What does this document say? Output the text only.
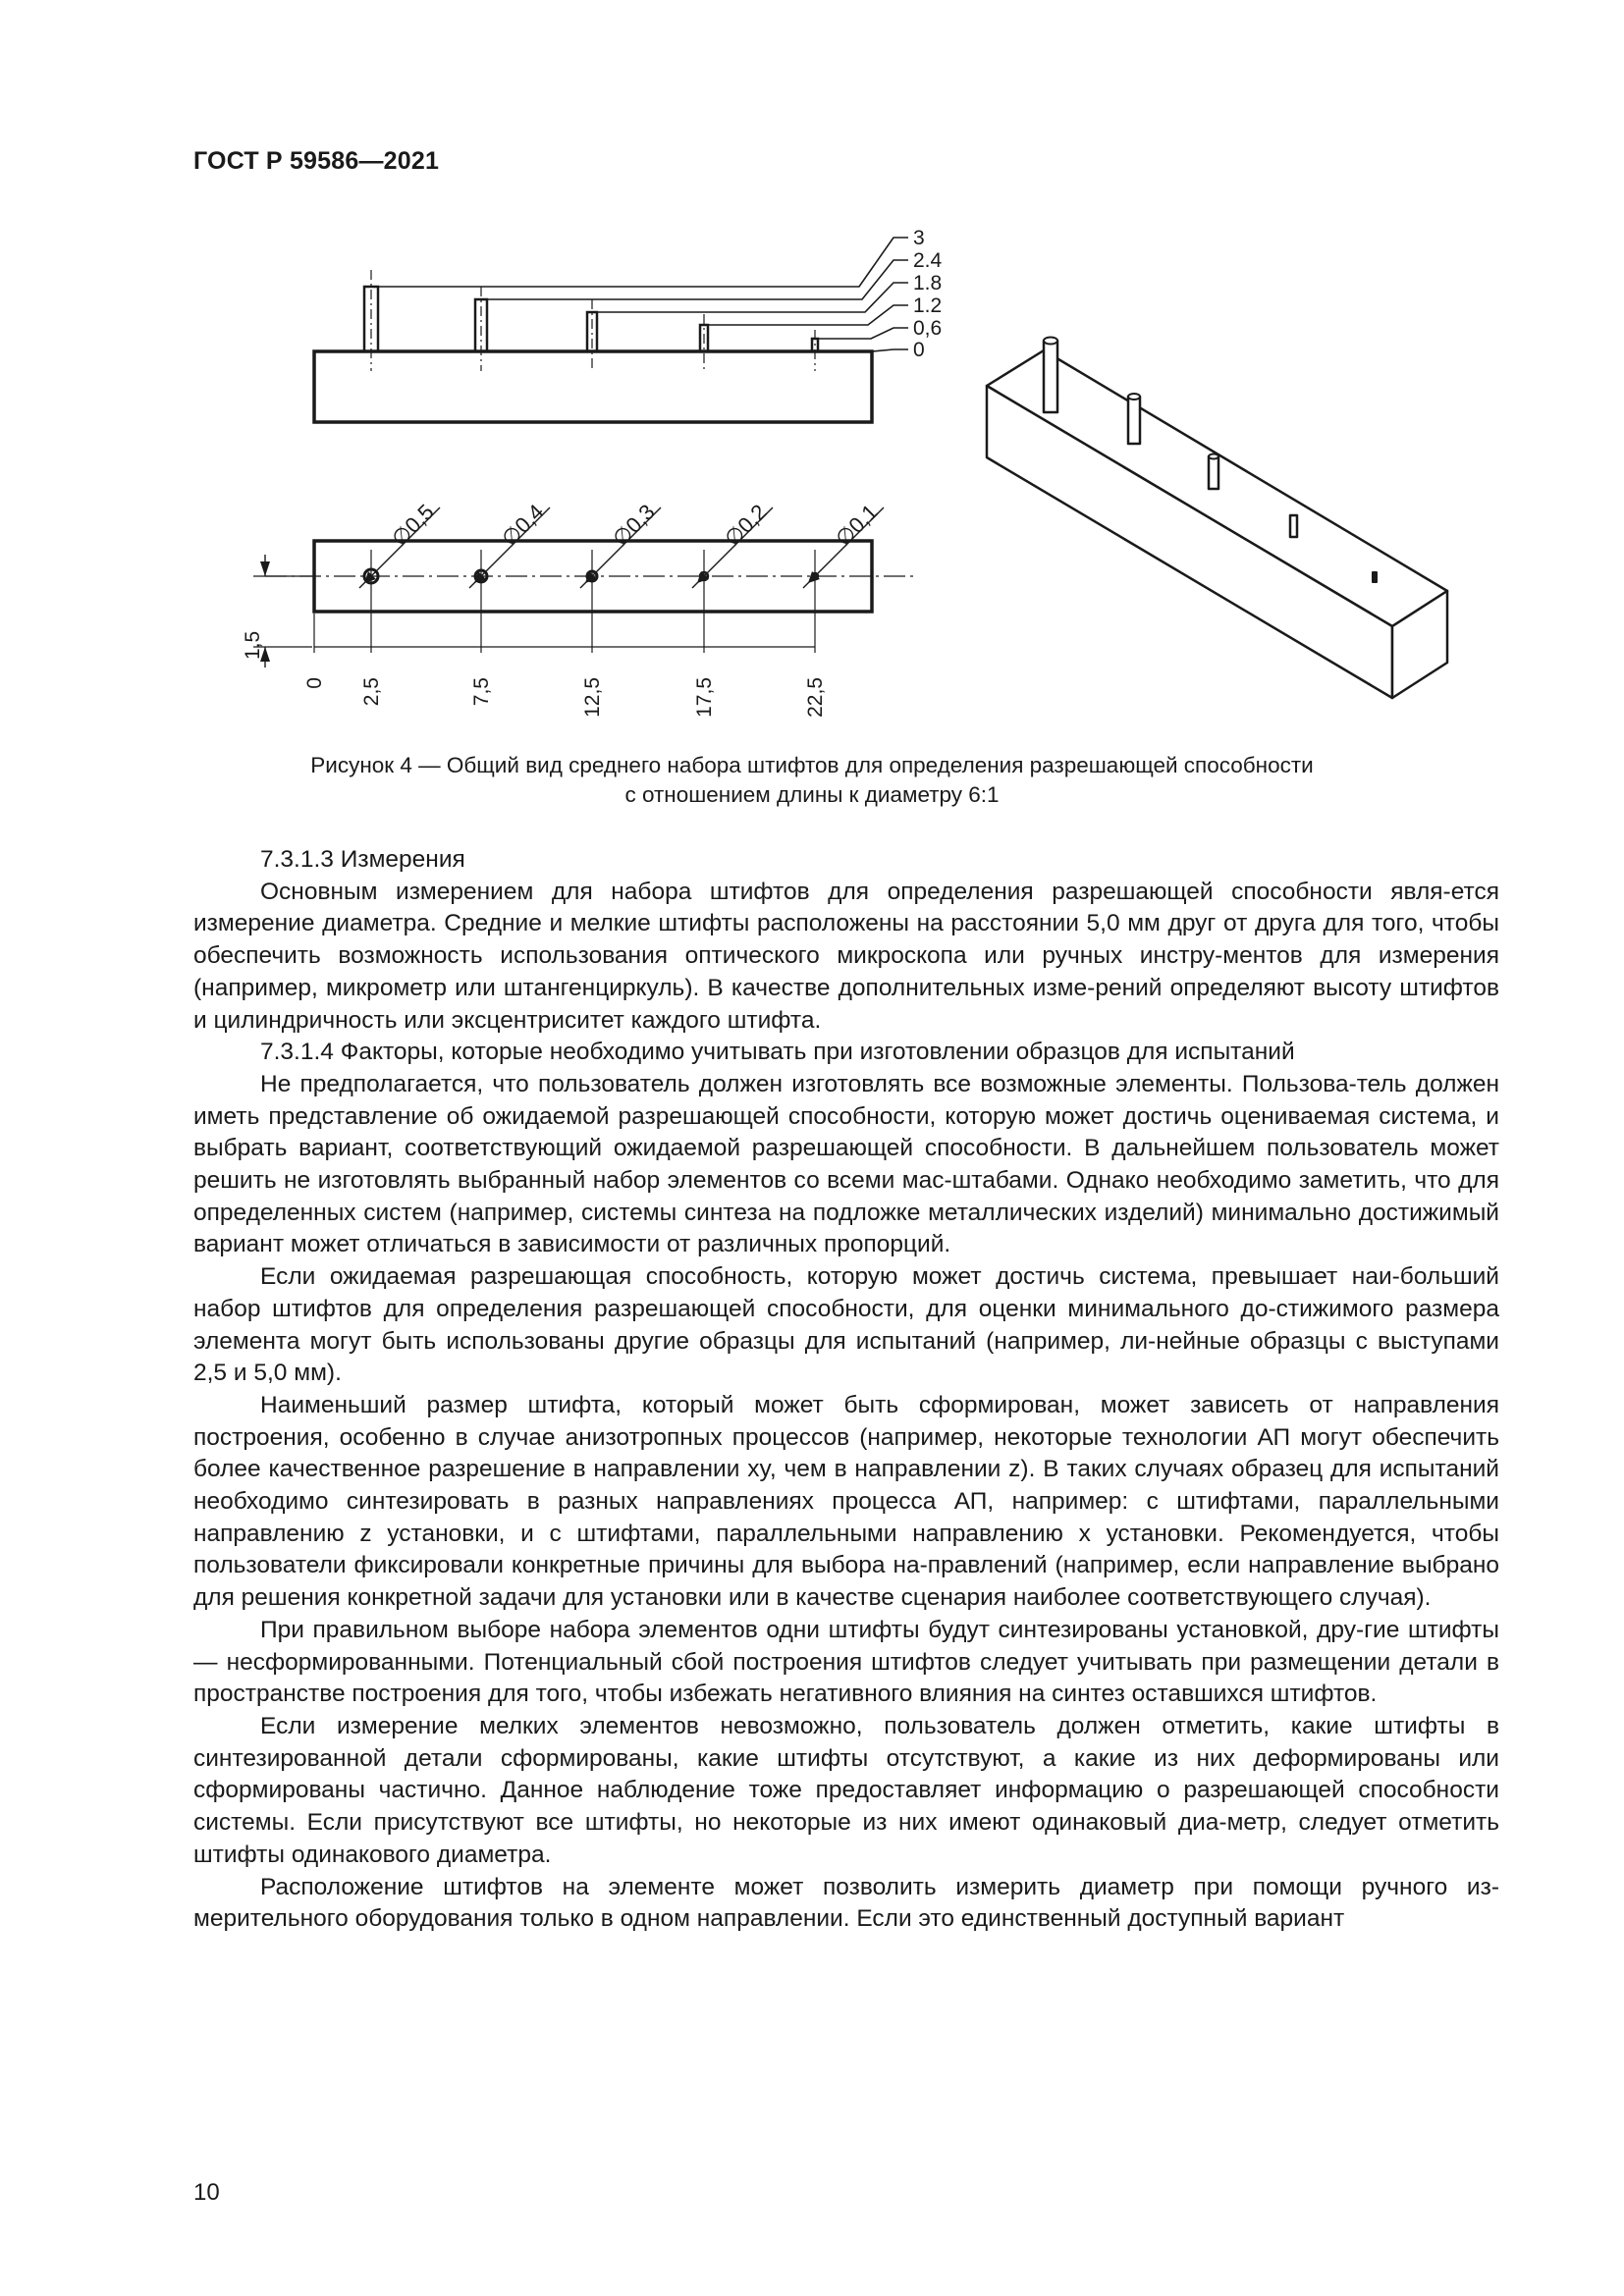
ГОСТ Р 59586—2021
3
2.4
1.8
1.2
0,6
0
∅0,5	∅0,4	∅0,3	∅0,2	∅0,1
0 2,5	7,5	12,5	17,5	22,5
1,5
Рисунок 4 — Общий вид среднего набора штифтов для определения разрешающей способности
с отношением длины к диаметру 6:1

7.3.1.3 Измерения

Основным измерением для набора штифтов для определения разрешающей способности явля-ется измерение диаметра. Средние и мелкие штифты расположены на расстоянии 5,0 мм друг от друга для того, чтобы обеспечить возможность использования оптического микроскопа или ручных инстру-ментов для измерения (например, микрометр или штангенциркуль). В качестве дополнительных изме-рений определяют высоту штифтов и цилиндричность или эксцентриситет каждого штифта.

7.3.1.4 Факторы, которые необходимо учитывать при изготовлении образцов для испытаний

Не предполагается, что пользователь должен изготовлять все возможные элементы. Пользова-тель должен иметь представление об ожидаемой разрешающей способности, которую может достичь оцениваемая система, и выбрать вариант, соответствующий ожидаемой разрешающей способности. В дальнейшем пользователь может решить не изготовлять выбранный набор элементов со всеми мас-штабами. Однако необходимо заметить, что для определенных систем (например, системы синтеза на подложке металлических изделий) минимально достижимый вариант может отличаться в зависимости от различных пропорций.

Если ожидаемая разрешающая способность, которую может достичь система, превышает наи-больший набор штифтов для определения разрешающей способности, для оценки минимального до-стижимого размера элемента могут быть использованы другие образцы для испытаний (например, ли-нейные образцы с выступами 2,5 и 5,0 мм).

Наименьший размер штифта, который может быть сформирован, может зависеть от направления построения, особенно в случае анизотропных процессов (например, некоторые технологии АП могут обеспечить более качественное разрешение в направлении xy, чем в направлении z). В таких случаях образец для испытаний необходимо синтезировать в разных направлениях процесса АП, например: с штифтами, параллельными направлению z установки, и с штифтами, параллельными направлению x установки. Рекомендуется, чтобы пользователи фиксировали конкретные причины для выбора на-правлений (например, если направление выбрано для решения конкретной задачи для установки или в качестве сценария наиболее соответствующего случая).

При правильном выборе набора элементов одни штифты будут синтезированы установкой, дру-гие штифты — несформированными. Потенциальный сбой построения штифтов следует учитывать при размещении детали в пространстве построения для того, чтобы избежать негативного влияния на синтез оставшихся штифтов.

Если измерение мелких элементов невозможно, пользователь должен отметить, какие штифты в синтезированной детали сформированы, какие штифты отсутствуют, а какие из них деформированы или сформированы частично. Данное наблюдение тоже предоставляет информацию о разрешающей способности системы. Если присутствуют все штифты, но некоторые из них имеют одинаковый диа-метр, следует отметить штифты одинакового диаметра.

Расположение штифтов на элементе может позволить измерить диаметр при помощи ручного из-мерительного оборудования только в одном направлении. Если это единственный доступный вариант

10
